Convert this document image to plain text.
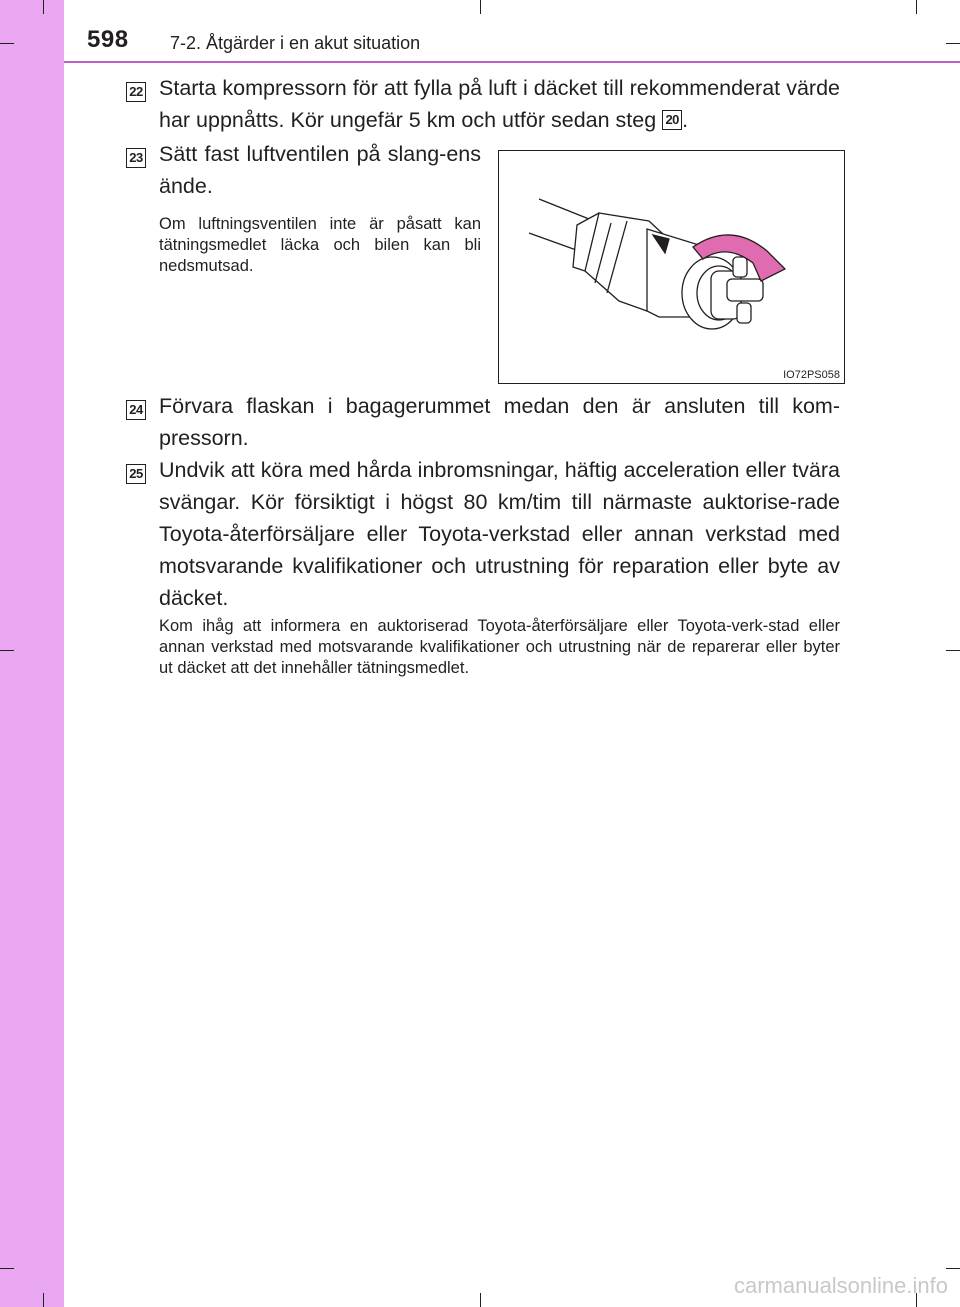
598 7-2. Åtgärder i en akut situation
22 Starta kompressorn för att fylla på luft i däcket till rekommenderat värde har uppnåtts. Kör ungefär 5 km och utför sedan steg 20 .
23 Sätt fast luftventilen på slang-ens ände.
Om luftningsventilen inte är påsatt kan tätningsmedlet läcka och bilen kan bli nedsmutsad.
IO72PS058
24 Förvara flaskan i bagagerummet medan den är ansluten till kom-pressorn.
25 Undvik att köra med hårda inbromsningar, häftig acceleration eller tvära svängar. Kör försiktigt i högst 80 km/tim till närmaste auktorise-rade Toyota-återförsäljare eller Toyota-verkstad eller annan verkstad med motsvarande kvalifikationer och utrustning för reparation eller byte av däcket.
Kom ihåg att informera en auktoriserad Toyota-återförsäljare eller Toyota-verk-stad eller annan verkstad med motsvarande kvalifikationer och utrustning när de reparerar eller byter ut däcket att det innehåller tätningsmedlet.
carmanualsonline.info
